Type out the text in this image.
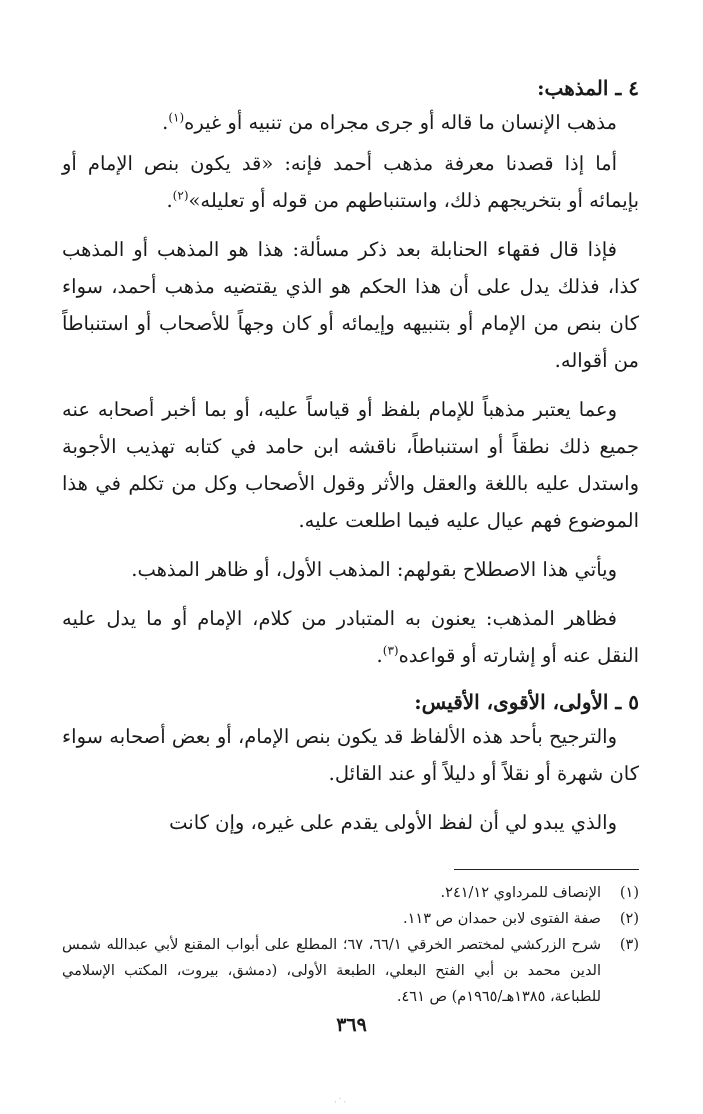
٤ ـ المذهب:

مذهب الإنسان ما قاله أو جرى مجراه من تنبيه أو غيره$^{(١)}$.

أما إذا قصدنا معرفة مذهب أحمد فإنه: «قد يكون بنص الإمام أو بإيمائه أو بتخريجهم ذلك، واستنباطهم من قوله أو تعليله»$^{(٢)}$.

فإذا قال فقهاء الحنابلة بعد ذكر مسألة: هذا هو المذهب أو المذهب كذا، فذلك يدل على أن هذا الحكم هو الذي يقتضيه مذهب أحمد، سواء كان بنص من الإمام أو بتنبيهه وإيمائه أو كان وجهاً للأصحاب أو استنباطاً من أقواله.

وعما يعتبر مذهباً للإمام بلفظ أو قياساً عليه، أو بما أخبر أصحابه عنه جميع ذلك نطقاً أو استنباطاً، ناقشه ابن حامد في كتابه تهذيب الأجوبة واستدل عليه باللغة والعقل والأثر وقول الأصحاب وكل من تكلم في هذا الموضوع فهم عيال عليه فيما اطلعت عليه.

ويأتي هذا الاصطلاح بقولهم: المذهب الأول، أو ظاهر المذهب.

فظاهر المذهب: يعنون به المتبادر من كلام، الإمام أو ما يدل عليه النقل عنه أو إشارته أو قواعده$^{(٣)}$.

٥ ـ الأولى، الأقوى، الأقيس:

والترجيح بأحد هذه الألفاظ قد يكون بنص الإمام، أو بعض أصحابه سواء كان شهرة أو نقلاً أو دليلاً أو عند القائل.

والذي يبدو لي أن لفظ الأولى يقدم على غيره، وإن كانت

(١)
الإنصاف للمرداوي ٢٤١/١٢.
(٢)
صفة الفتوى لابن حمدان ص ١١٣.
(٣)
شرح الزركشي لمختصر الخرقي ٦٦/١، ٦٧؛ المطلع على أبواب المقنع لأبي عبدالله شمس الدين محمد بن أبي الفتح البعلي، الطبعة الأولى، (دمشق، بيروت، المكتب الإسلامي للطباعة، ١٣٨٥هـ/١٩٦٥م) ص ٤٦١.
٣٦٩
·˙·
